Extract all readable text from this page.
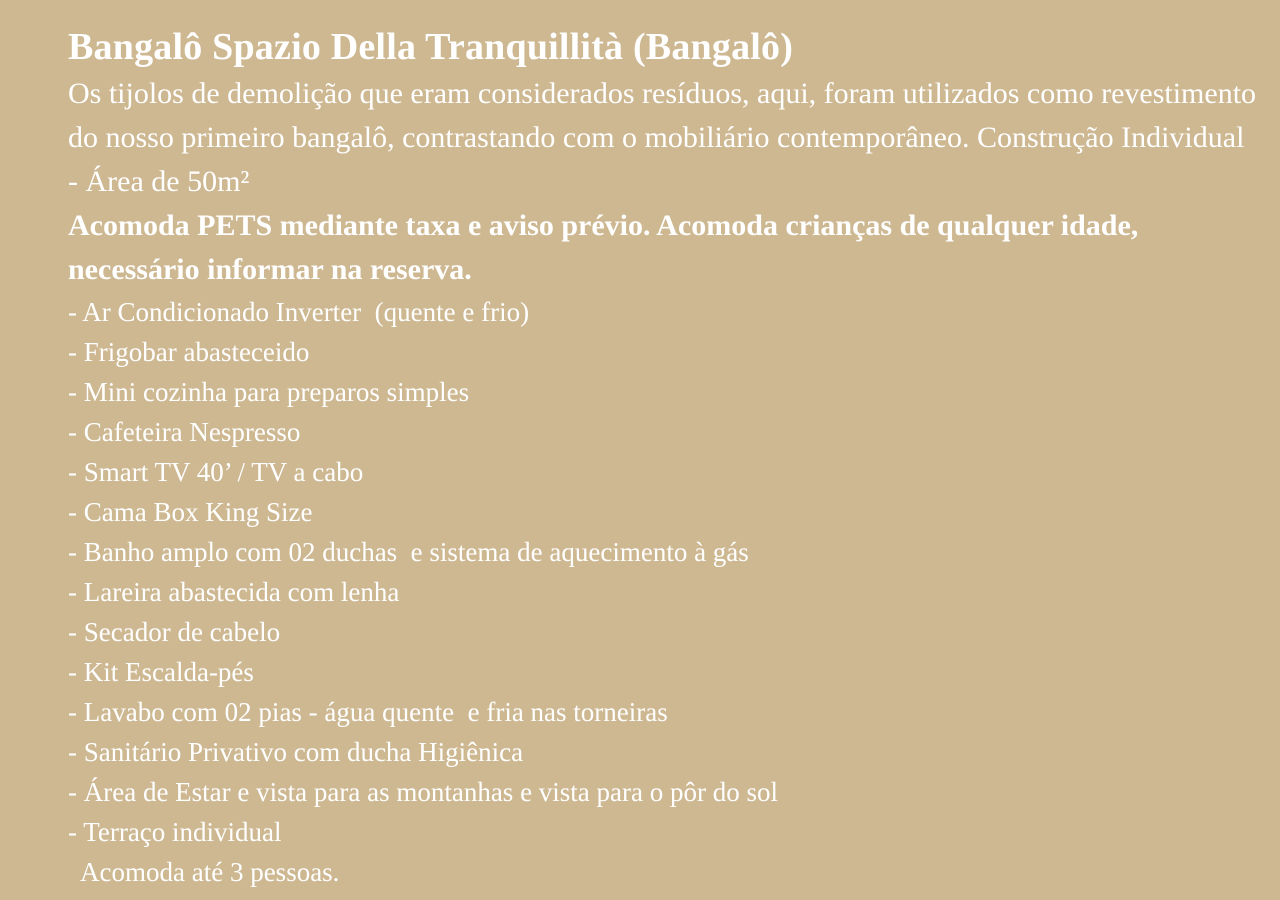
Bangalô Spazio Della Tranquillità (Bangalô)

Os tijolos de demolição que eram considerados resíduos, aqui, foram utilizados como revestimento do nosso primeiro bangalô, contrastando com o mobiliário contemporâneo. Construção Individual - Área de 50m²

Acomoda PETS mediante taxa e aviso prévio. Acomoda crianças de qualquer idade, necessário informar na reserva.

- Ar Condicionado Inverter  (quente e frio)
- Frigobar abasteceido
- Mini cozinha para preparos simples
- Cafeteira Nespresso
- Smart TV 40’ / TV a cabo
- Cama Box King Size
- Banho amplo com 02 duchas  e sistema de aquecimento à gás
- Lareira abastecida com lenha
- Secador de cabelo
- Kit Escalda-pés
- Lavabo com 02 pias - água quente  e fria nas torneiras
- Sanitário Privativo com ducha Higiênica
- Área de Estar e vista para as montanhas e vista para o pôr do sol
- Terraço individual

Acomoda até 3 pessoas.
